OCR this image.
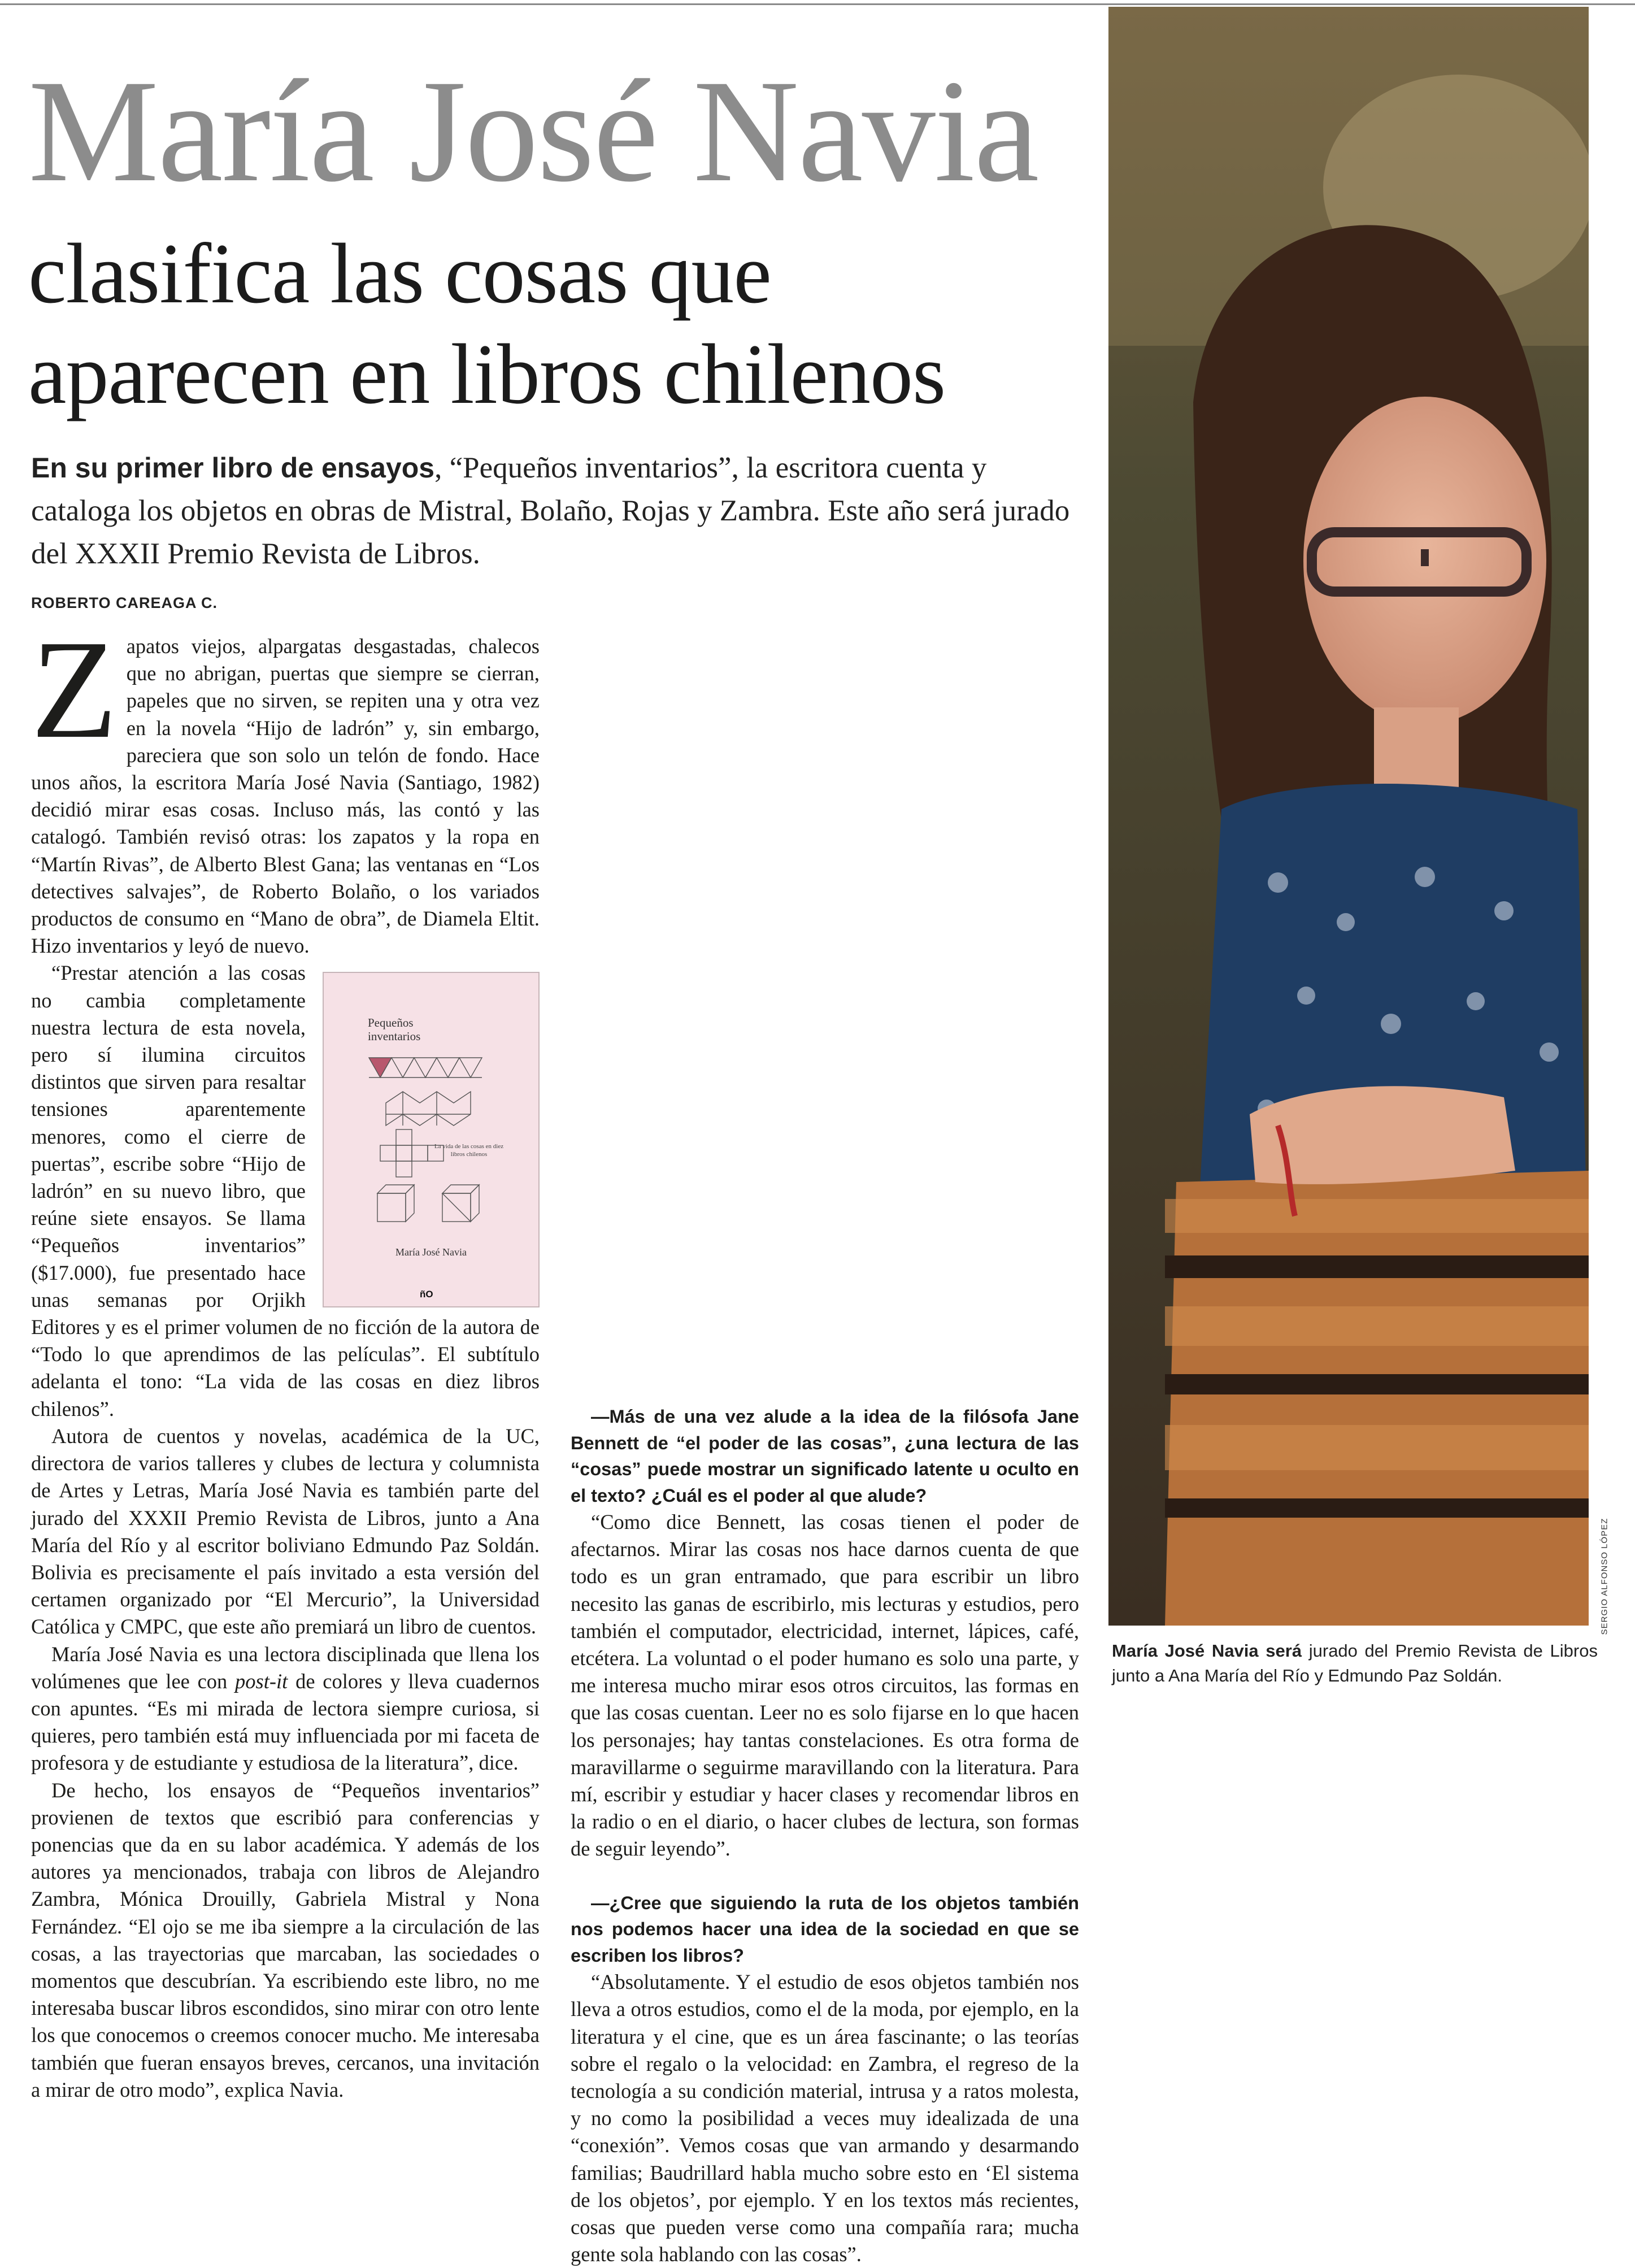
María José Navia
clasifica las cosas que aparecen en libros chilenos

En su primer libro de ensayos, “Pequeños inventarios”, la escritora cuenta y cataloga los objetos en obras de Mistral, Bolaño, Rojas y Zambra. Este año será jurado del XXXII Premio Revista de Libros.

ROBERTO CAREAGA C.

Zapatos viejos, alpargatas desgastadas, chalecos que no abrigan, puertas que siempre se cierran, papeles que no sirven, se repiten una y otra vez en la novela “Hijo de ladrón” y, sin embargo, pareciera que son solo un telón de fondo. Hace unos años, la escritora María José Navia (Santiago, 1982) decidió mirar esas cosas. Incluso más, las contó y las catalogó. También revisó otras: los zapatos y la ropa en “Martín Rivas”, de Alberto Blest Gana; las ventanas en “Los detectives salvajes”, de Roberto Bolaño, o los variados productos de consumo en “Mano de obra”, de Diamela Eltit. Hizo inventarios y leyó de nuevo.

Pequeños
inventarios
La vida de las cosas en diez libros chilenos
María José Navia
ñO

“Prestar atención a las cosas no cambia completamente nuestra lectura de esta novela, pero sí ilumina circuitos distintos que sirven para resaltar tensiones aparentemente menores, como el cierre de puertas”, escribe sobre “Hijo de ladrón” en su nuevo libro, que reúne siete ensayos. Se llama “Pequeños inventarios” ($17.000), fue presentado hace unas semanas por Orjikh Editores y es el primer volumen de no ficción de la autora de “Todo lo que aprendimos de las películas”. El subtítulo adelanta el tono: “La vida de las cosas en diez libros chilenos”.

Autora de cuentos y novelas, académica de la UC, directora de varios talleres y clubes de lectura y columnista de Artes y Letras, María José Navia es también parte del jurado del XXXII Premio Revista de Libros, junto a Ana María del Río y al escritor boliviano Edmundo Paz Soldán. Bolivia es precisamente el país invitado a esta versión del certamen organizado por “El Mercurio”, la Universidad Católica y CMPC, que este año premiará un libro de cuentos.

María José Navia es una lectora disciplinada que llena los volúmenes que lee con post-it de colores y lleva cuadernos con apuntes. “Es mi mirada de lectora siempre curiosa, si quieres, pero también está muy influenciada por mi faceta de profesora y de estudiante y estudiosa de la literatura”, dice.

De hecho, los ensayos de “Pequeños inventarios” provienen de textos que escribió para conferencias y ponencias que da en su labor académica. Y además de los autores ya mencionados, trabaja con libros de Alejandro Zambra, Mónica Drouilly, Gabriela Mistral y Nona Fernández. “El ojo se me iba siempre a la circulación de las cosas, a las trayectorias que marcaban, las sociedades o momentos que descubrían. Ya escribiendo este libro, no me interesaba buscar libros escondidos, sino mirar con otro lente los que conocemos o creemos conocer mucho. Me interesaba también que fueran ensayos breves, cercanos, una invitación a mirar de otro modo”, explica Navia.

—Más de una vez alude a la idea de la filósofa Jane Bennett de “el poder de las cosas”, ¿una lectura de las “cosas” puede mostrar un significado latente u oculto en el texto? ¿Cuál es el poder al que alude?

“Como dice Bennett, las cosas tienen el poder de afectarnos. Mirar las cosas nos hace darnos cuenta de que todo es un gran entramado, que para escribir un libro necesito las ganas de escribirlo, mis lecturas y estudios, pero también el computador, electricidad, internet, lápices, café, etcétera. La voluntad o el poder humano es solo una parte, y me interesa mucho mirar esos otros circuitos, las formas en que las cosas cuentan. Leer no es solo fijarse en lo que hacen los personajes; hay tantas constelaciones. Es otra forma de maravillarme o seguirme maravillando con la literatura. Para mí, escribir y estudiar y hacer clases y recomendar libros en la radio o en el diario, o hacer clubes de lectura, son formas de seguir leyendo”.

—¿Cree que siguiendo la ruta de los objetos también nos podemos hacer una idea de la sociedad en que se escriben los libros?

“Absolutamente. Y el estudio de esos objetos también nos lleva a otros estudios, como el de la moda, por ejemplo, en la literatura y el cine, que es un área fascinante; o las teorías sobre el regalo o la velocidad: en Zambra, el regreso de la tecnología a su condición material, intrusa y a ratos molesta, y no como la posibilidad a veces muy idealizada de una “conexión”. Vemos cosas que van armando y desarmando familias; Baudrillard habla mucho sobre esto en ‘El sistema de los objetos’, por ejemplo. Y en los textos más recientes, cosas que pueden verse como una compañía rara; mucha gente sola hablando con las cosas”.

SERGIO ALFONSO LÓPEZ

María José Navia será jurado del Premio Revista de Libros junto a Ana María del Río y Edmundo Paz Soldán.
